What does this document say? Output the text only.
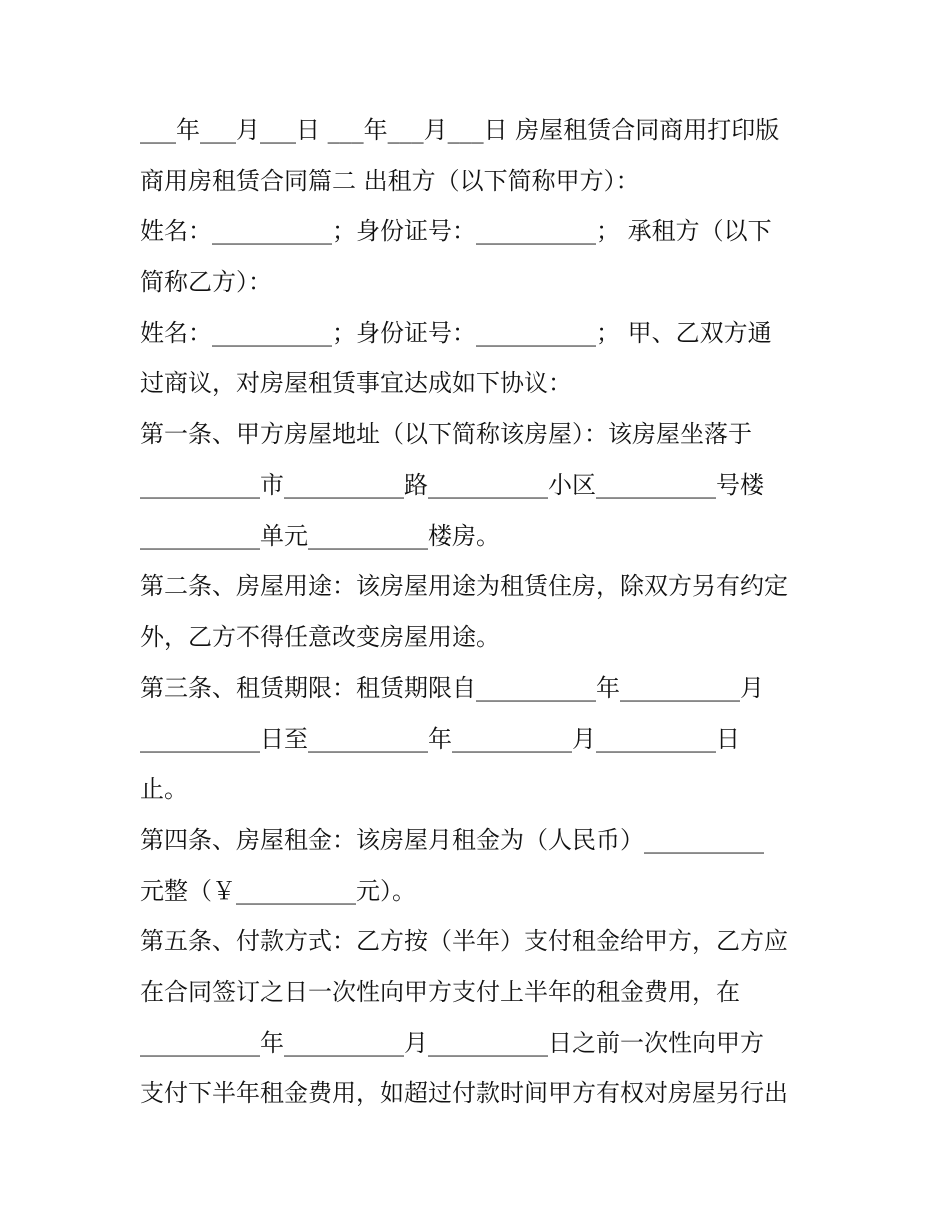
___年___月___日 ___年___月___日 房屋租赁合同商用打印版
商用房租赁合同篇二 出租方（以下简称甲方）：
姓名：__________；身份证号：__________； 承租方（以下
简称乙方）：
姓名：__________；身份证号：__________； 甲、乙双方通
过商议，对房屋租赁事宜达成如下协议：
第一条、甲方房屋地址（以下简称该房屋）：该房屋坐落于
__________市__________路__________小区__________号楼
__________单元__________楼房。
第二条、房屋用途：该房屋用途为租赁住房，除双方另有约定
外，乙方不得任意改变房屋用途。
第三条、租赁期限：租赁期限自__________年__________月
__________日至__________年__________月__________日
止。
第四条、房屋租金：该房屋月租金为（人民币）__________
元整（￥__________元）。
第五条、付款方式：乙方按（半年）支付租金给甲方，乙方应
在合同签订之日一次性向甲方支付上半年的租金费用，在
__________年__________月__________日之前一次性向甲方
支付下半年租金费用，如超过付款时间甲方有权对房屋另行出
